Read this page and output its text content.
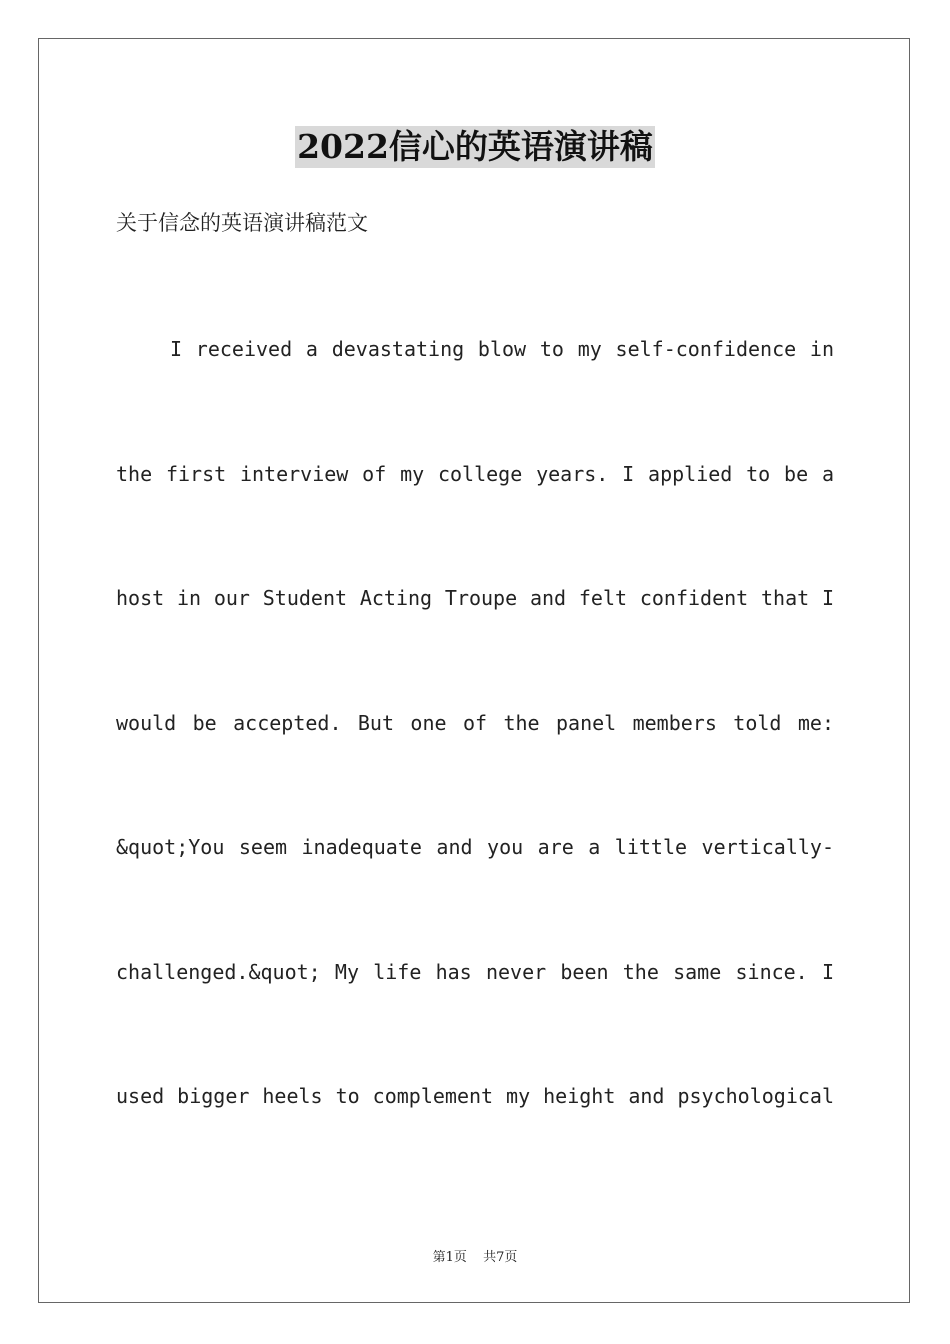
2022信心的英语演讲稿
关于信念的英语演讲稿范文
I received a devastating blow to my self-confidence in
the first interview of my college years. I applied to be a
host in our Student Acting Troupe and felt confident that I
would be accepted. But one of the panel members told me:
&quot;You seem inadequate and you are a little vertically-
challenged.&quot; My life has never been the same since. I
used bigger heels to complement my height and psychological
第1页 共7页
